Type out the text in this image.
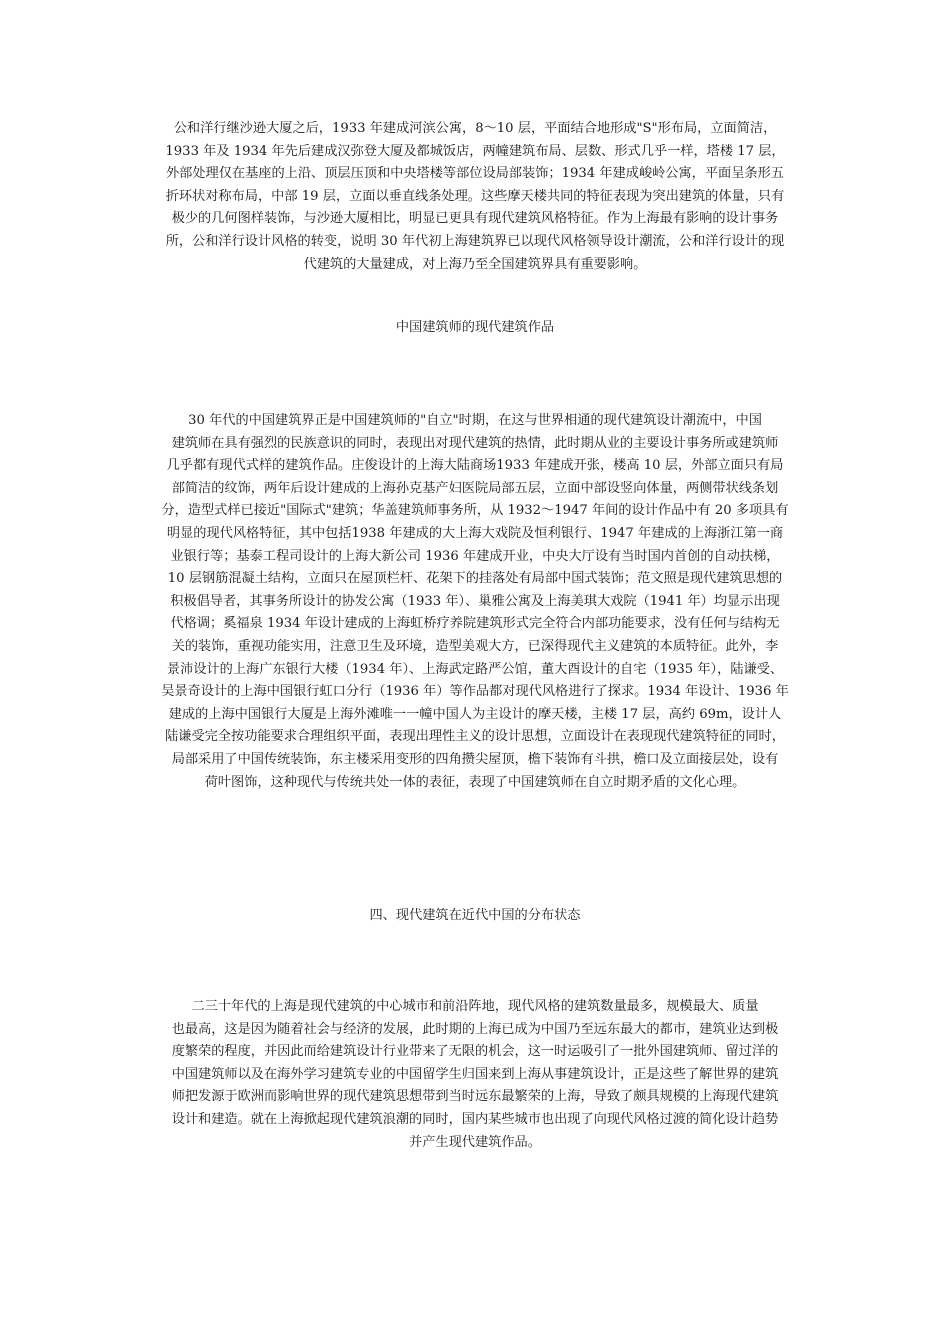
公和洋行继沙逊大厦之后，1933 年建成河滨公寓，8～10 层，平面结合地形成"S"形布局，立面简洁，
1933 年及 1934 年先后建成汉弥登大厦及都城饭店，两幢建筑布局、层数、形式几乎一样，塔楼 17 层，
外部处理仅在基座的上沿、顶层压顶和中央塔楼等部位设局部装饰；1934 年建成峻岭公寓，平面呈条形五
折环状对称布局，中部 19 层，立面以垂直线条处理。这些摩天楼共同的特征表现为突出建筑的体量，只有
极少的几何图样装饰，与沙逊大厦相比，明显已更具有现代建筑风格特征。作为上海最有影响的设计事务
所，公和洋行设计风格的转变，说明 30 年代初上海建筑界已以现代风格领导设计潮流，公和洋行设计的现
代建筑的大量建成，对上海乃至全国建筑界具有重要影响。

中国建筑师的现代建筑作品

30 年代的中国建筑界正是中国建筑师的"自立"时期，在这与世界相通的现代建筑设计潮流中，中国
建筑师在具有强烈的民族意识的同时，表现出对现代建筑的热情，此时期从业的主要设计事务所或建筑师
几乎都有现代式样的建筑作品。庄俊设计的上海大陆商场1933 年建成开张，楼高 10 层，外部立面只有局
部简洁的纹饰，两年后设计建成的上海孙克基产妇医院局部五层，立面中部设竖向体量，两侧带状线条划
分，造型式样已接近"国际式"建筑；华盖建筑师事务所，从 1932～1947 年间的设计作品中有 20 多项具有
明显的现代风格特征，其中包括1938 年建成的大上海大戏院及恒利银行、1947 年建成的上海浙江第一商
业银行等；基泰工程司设计的上海大新公司 1936 年建成开业，中央大厅设有当时国内首创的自动扶梯，
10 层钢筋混凝土结构，立面只在屋顶栏杆、花架下的挂落处有局部中国式装饰；范文照是现代建筑思想的
积极倡导者，其事务所设计的协发公寓（1933 年）、巢雅公寓及上海美琪大戏院（1941 年）均显示出现
代格调；奚福泉 1934 年设计建成的上海虹桥疗养院建筑形式完全符合内部功能要求，没有任何与结构无
关的装饰，重视功能实用，注意卫生及环境，造型美观大方，已深得现代主义建筑的本质特征。此外，李
景沛设计的上海广东银行大楼（1934 年）、上海武定路严公馆，董大酉设计的自宅（1935 年），陆谦受、
吴景奇设计的上海中国银行虹口分行（1936 年）等作品都对现代风格进行了探求。1934 年设计、1936 年
建成的上海中国银行大厦是上海外滩唯一一幢中国人为主设计的摩天楼，主楼 17 层，高约 69m，设计人
陆谦受完全按功能要求合理组织平面，表现出理性主义的设计思想，立面设计在表现现代建筑特征的同时，
局部采用了中国传统装饰，东主楼采用变形的四角攒尖屋顶，檐下装饰有斗拱，檐口及立面接层处，设有
荷叶图饰，这种现代与传统共处一体的表征，表现了中国建筑师在自立时期矛盾的文化心理。

四、现代建筑在近代中国的分布状态

二三十年代的上海是现代建筑的中心城市和前沿阵地，现代风格的建筑数量最多，规模最大、质量
也最高，这是因为随着社会与经济的发展，此时期的上海已成为中国乃至远东最大的都市，建筑业达到极
度繁荣的程度，并因此而给建筑设计行业带来了无限的机会，这一时运吸引了一批外国建筑师、留过洋的
中国建筑师以及在海外学习建筑专业的中国留学生归国来到上海从事建筑设计，正是这些了解世界的建筑
师把发源于欧洲而影响世界的现代建筑思想带到当时远东最繁荣的上海，导致了颇具规模的上海现代建筑
设计和建造。就在上海掀起现代建筑浪潮的同时，国内某些城市也出现了向现代风格过渡的简化设计趋势
并产生现代建筑作品。
